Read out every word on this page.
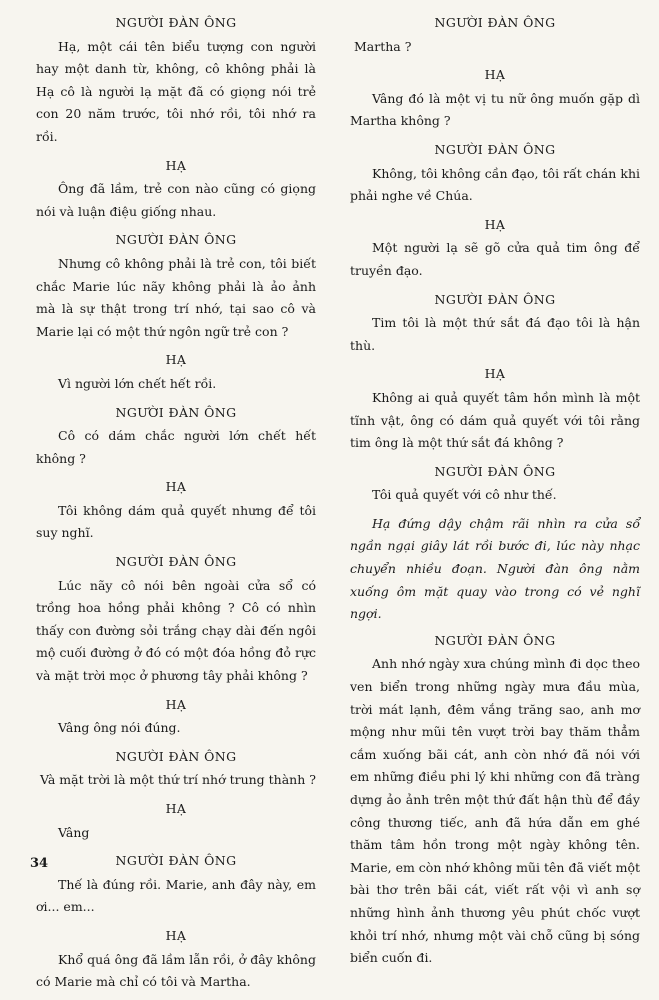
NGƯỜI ĐÀN ÔNG

Hạ, một cái tên biểu tượng con người hay một danh từ, không, cô không phải là Hạ cô là người lạ mặt đã có giọng nói trẻ con 20 năm trước, tôi nhớ rồi, tôi nhớ ra rồi.

HẠ

Ông đã lầm, trẻ con nào cũng có giọng nói và luận điệu giống nhau.

NGƯỜI ĐÀN ÔNG

Nhưng cô không phải là trẻ con, tôi biết chắc Marie lúc nãy không phải là ảo ảnh mà là sự thật trong trí nhớ, tại sao cô và Marie lại có một thứ ngôn ngữ trẻ con ?

HẠ

Vì người lớn chết hết rồi.

NGƯỜI ĐÀN ÔNG

Cô có dám chắc người lớn chết hết không ?

HẠ

Tôi không dám quả quyết nhưng để tôi suy nghĩ.

NGƯỜI ĐÀN ÔNG

Lúc nãy cô nói bên ngoài cửa sổ có trồng hoa hồng phải không ? Cô có nhìn thấy con đường sỏi trắng chạy dài đến ngôi mộ cuối đường ở đó có một đóa hồng đỏ rực và mặt trời mọc ở phương tây phải không ?

HẠ

Vâng ông nói đúng.

NGƯỜI ĐÀN ÔNG

Và mặt trời là một thứ trí nhớ trung thành ?

HẠ

Vâng

NGƯỜI ĐÀN ÔNG

Thế là đúng rồi. Marie, anh đây này, em ơi... em...

HẠ

Khổ quá ông đã lầm lẫn rồi, ở đây không có Marie mà chỉ có tôi và Martha.

NGƯỜI ĐÀN ÔNG

Martha ?

HẠ

Vâng đó là một vị tu nữ ông muốn gặp dì Martha không ?

NGƯỜI ĐÀN ÔNG

Không, tôi không cần đạo, tôi rất chán khi phải nghe về Chúa.

HẠ

Một người lạ sẽ gõ cửa quả tim ông để truyền đạo.

NGƯỜI ĐÀN ÔNG

Tim tôi là một thứ sắt đá đạo tôi là hận thù.

HẠ

Không ai quả quyết tâm hồn mình là một tĩnh vật, ông có dám quả quyết với tôi rằng tim ông là một thứ sắt đá không ?

NGƯỜI ĐÀN ÔNG

Tôi quả quyết với cô như thế.

Hạ đứng dậy chậm rãi nhìn ra cửa sổ ngần ngại giây lát rồi bước đi, lúc này nhạc chuyển nhiều đoạn. Người đàn ông nằm xuống ôm mặt quay vào trong có vẻ nghĩ ngợi.

NGƯỜI ĐÀN ÔNG

Anh nhớ ngày xưa chúng mình đi dọc theo ven biển trong những ngày mưa đầu mùa, trời mát lạnh, đêm vắng trăng sao, anh mơ mộng như mũi tên vượt trời bay thăm thẳm cắm xuống bãi cát, anh còn nhớ đã nói với em những điều phi lý khi những con đã tràng dựng ảo ảnh trên một thứ đất hận thù để đầy công thương tiếc, anh đã hứa dẫn em ghé thăm tâm hồn trong một ngày không tên. Marie, em còn nhớ không mũi tên đã viết một bài thơ trên bãi cát, viết rất vội vì anh sợ những hình ảnh thương yêu phút chốc vượt khỏi trí nhớ, nhưng một vài chỗ cũng bị sóng biển cuốn đi.

34
